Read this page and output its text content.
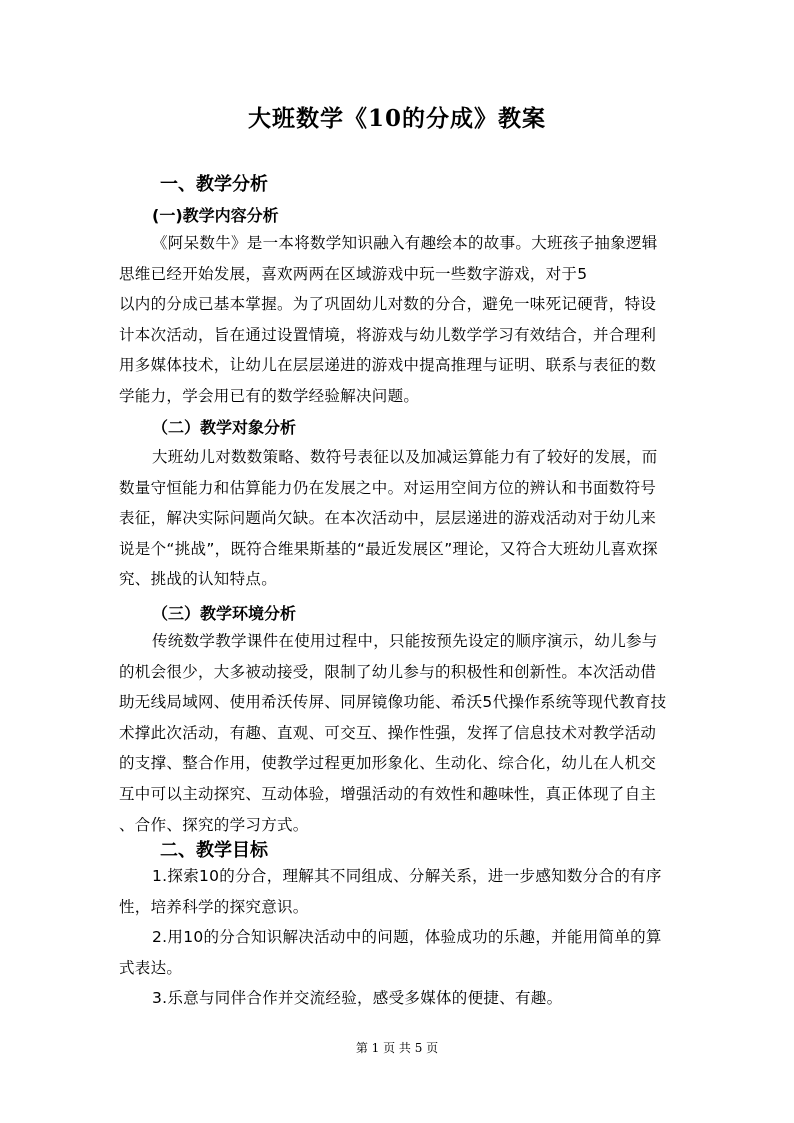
大班数学《10的分成》教案
一、教学分析
(一)教学内容分析
《阿呆数牛》是一本将数学知识融入有趣绘本的故事。大班孩子抽象逻辑
思维已经开始发展，喜欢两两在区域游戏中玩一些数字游戏，对于5
以内的分成已基本掌握。为了巩固幼儿对数的分合，避免一味死记硬背，特设
计本次活动，旨在通过设置情境，将游戏与幼儿数学学习有效结合，并合理利
用多媒体技术，让幼儿在层层递进的游戏中提高推理与证明、联系与表征的数
学能力，学会用已有的数学经验解决问题。
（二）教学对象分析
大班幼儿对数数策略、数符号表征以及加减运算能力有了较好的发展，而
数量守恒能力和估算能力仍在发展之中。对运用空间方位的辨认和书面数符号
表征，解决实际问题尚欠缺。在本次活动中，层层递进的游戏活动对于幼儿来
说是个“挑战”，既符合维果斯基的“最近发展区”理论，又符合大班幼儿喜欢探
究、挑战的认知特点。
（三）教学环境分析
传统数学教学课件在使用过程中，只能按预先设定的顺序演示，幼儿参与
的机会很少，大多被动接受，限制了幼儿参与的积极性和创新性。本次活动借
助无线局域网、使用希沃传屏、同屏镜像功能、希沃5代操作系统等现代教育技
术撑此次活动，有趣、直观、可交互、操作性强，发挥了信息技术对教学活动
的支撑、整合作用，使教学过程更加形象化、生动化、综合化，幼儿在人机交
互中可以主动探究、互动体验，增强活动的有效性和趣味性，真正体现了自主
、合作、探究的学习方式。
二、教学目标
1.探索10的分合，理解其不同组成、分解关系，进一步感知数分合的有序
性，培养科学的探究意识。
2.用10的分合知识解决活动中的问题，体验成功的乐趣，并能用简单的算
式表达。
3.乐意与同伴合作并交流经验，感受多媒体的便捷、有趣。
第 1 页 共 5 页
